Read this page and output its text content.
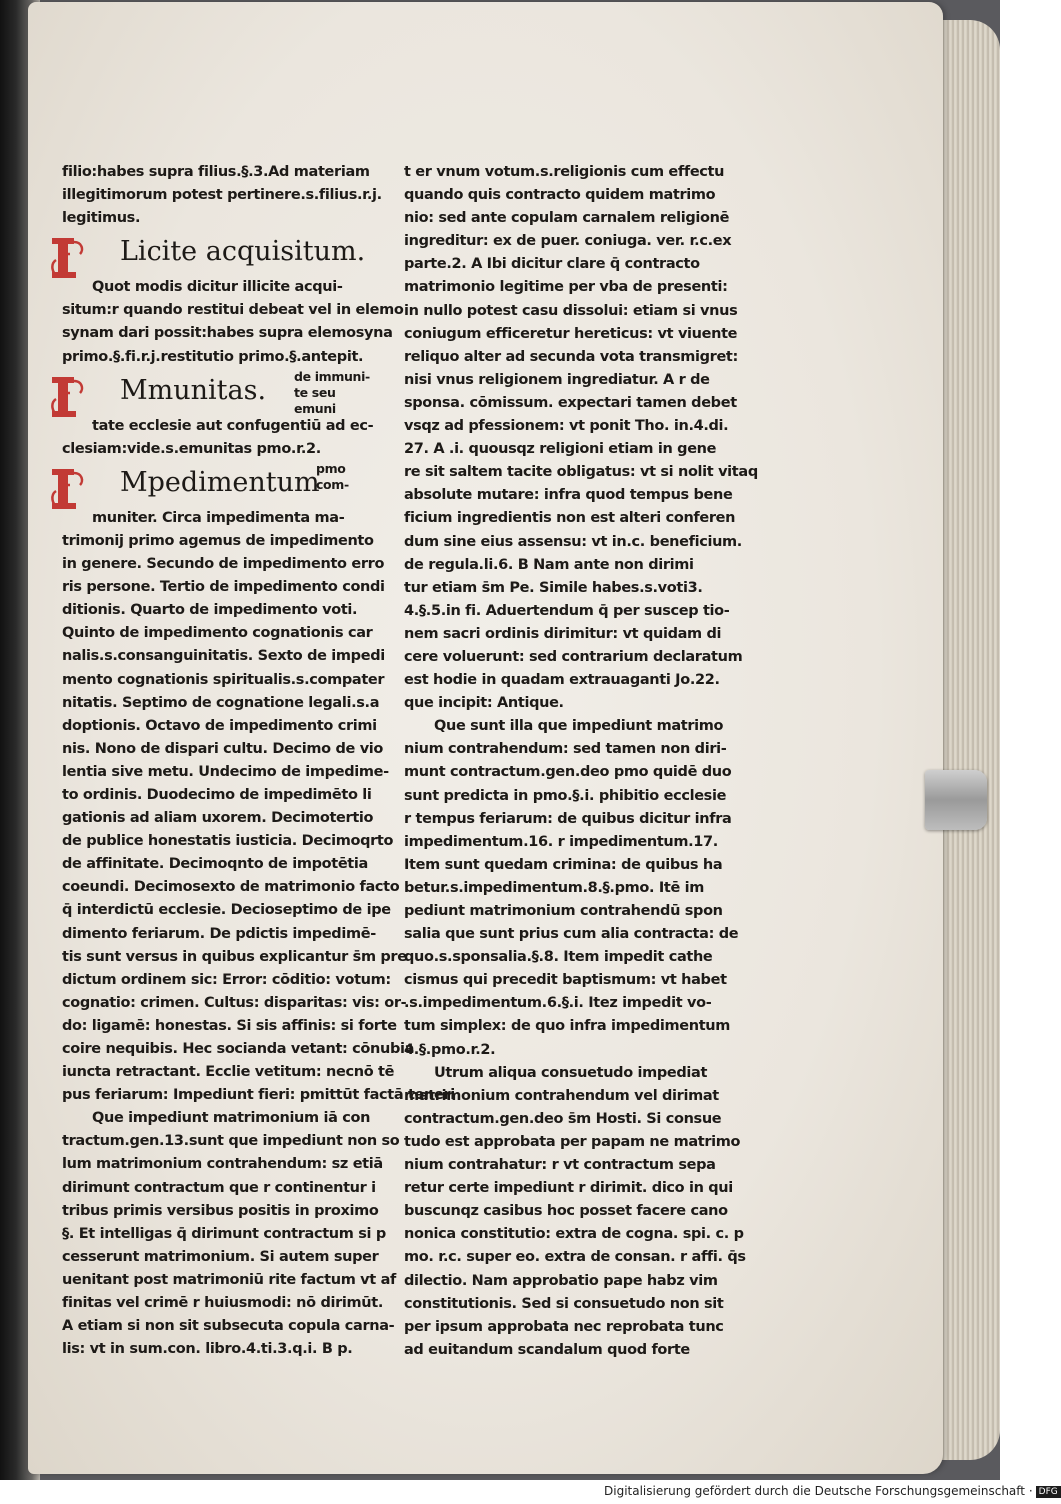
filio:habes supra filius.§.3.Ad materiam
illegitimorum potest pertinere.s.filius.r.j.
legitimus.
Licite acquisitum.
Quot modis dicitur illicite acqui-
situm:r quando restitui debeat vel in elemo
synam dari possit:habes supra elemosyna
primo.§.fi.r.j.restitutio primo.§.antepit.
Mmunitas. de immuni-
te seu emuni
tate ecclesie aut confugentiū ad ec-
clesiam:vide.s.emunitas pmo.r.2.
Mpedimentum
pmo
com-
muniter. Circa impedimenta ma-
trimonij primo agemus de impedimento
in genere. Secundo de impedimento erro
ris persone. Tertio de impedimento condi
ditionis. Quarto de impedimento voti.
Quinto de impedimento cognationis car
nalis.s.consanguinitatis. Sexto de impedi
mento cognationis spiritualis.s.compater
nitatis. Septimo de cognatione legali.s.a
doptionis. Octavo de impedimento crimi
nis. Nono de dispari cultu. Decimo de vio
lentia sive metu. Undecimo de impedime-
to ordinis. Duodecimo de impedimēto li
gationis ad aliam uxorem. Decimotertio
de publice honestatis iusticia. Decimoqrto
de affinitate. Decimoqnto de impotētia
coeundi. Decimosexto de matrimonio facto
q̄ interdictū ecclesie. Decioseptimo de ipe
dimento feriarum. De pdictis impedimē-
tis sunt versus in quibus explicantur s̄m pre
dictum ordinem sic: Error: cōditio: votum:
cognatio: crimen. Cultus: disparitas: vis: or-
do: ligamē: honestas. Si sis affinis: si forte
coire nequibis. Hec socianda vetant: cōnubia
iuncta retractant. Ecclie vetitum: necnō tē
pus feriarum: Impediunt fieri: pmittūt factā teneri
Que impediunt matrimonium iā con
tractum.gen.13.sunt que impediunt non so
lum matrimonium contrahendum: sz etiā
dirimunt contractum que r continentur i
tribus primis versibus positis in proximo
§. Et intelligas q̄ dirimunt contractum si p
cesserunt matrimonium. Si autem super
uenitant post matrimoniū rite factum vt af
finitas vel crimē r huiusmodi: nō dirimūt.
A etiam si non sit subsecuta copula carna-
lis: vt in sum.con. libro.4.ti.3.q.i. B p.
t er vnum votum.s.religionis cum effectu
quando quis contracto quidem matrimo
nio: sed ante copulam carnalem religionē
ingreditur: ex de puer. coniuga. ver. r.c.ex
parte.2. A Ibi dicitur clare q̄ contracto
matrimonio legitime per vba de presenti:
in nullo potest casu dissolui: etiam si vnus
coniugum efficeretur hereticus: vt viuente
reliquo alter ad secunda vota transmigret:
nisi vnus religionem ingrediatur. A r de
sponsa. cōmissum. expectari tamen debet
vsqz ad pfessionem: vt ponit Tho. in.4.di.
27. A .i. quousqz religioni etiam in gene
re sit saltem tacite obligatus: vt si nolit vitaq
absolute mutare: infra quod tempus bene
ficium ingredientis non est alteri conferen
dum sine eius assensu: vt in.c. beneficium.
de regula.li.6. B Nam ante non dirimi
tur etiam s̄m Pe. Simile habes.s.voti3.
4.§.5.in fi. Aduertendum q̄ per suscep tio-
nem sacri ordinis dirimitur: vt quidam di
cere voluerunt: sed contrarium declaratum
est hodie in quadam extrauaganti Jo.22.
que incipit: Antique.
Que sunt illa que impediunt matrimo
nium contrahendum: sed tamen non diri-
munt contractum.gen.deo pmo quidē duo
sunt predicta in pmo.§.i. phibitio ecclesie
r tempus feriarum: de quibus dicitur infra
impedimentum.16. r impedimentum.17.
Item sunt quedam crimina: de quibus ha
betur.s.impedimentum.8.§.pmo. Itē im
pediunt matrimonium contrahendū spon
salia que sunt prius cum alia contracta: de
quo.s.sponsalia.§.8. Item impedit cathe
cismus qui precedit baptismum: vt habet
.s.impedimentum.6.§.i. Itez impedit vo-
tum simplex: de quo infra impedimentum
4.§.pmo.r.2.
Utrum aliqua consuetudo impediat
matrimonium contrahendum vel dirimat
contractum.gen.deo s̄m Hosti. Si consue
tudo est approbata per papam ne matrimo
nium contrahatur: r vt contractum sepa
retur certe impediunt r dirimit. dico in qui
buscunqz casibus hoc posset facere cano
nonica constitutio: extra de cogna. spi. c. p
mo. r.c. super eo. extra de consan. r affi. q̄s
dilectio. Nam approbatio pape habz vim
constitutionis. Sed si consuetudo non sit
per ipsum approbata nec reprobata tunc
ad euitandum scandalum quod forte
Digitalisierung gefördert durch die Deutsche Forschungsgemeinschaft · DFG
